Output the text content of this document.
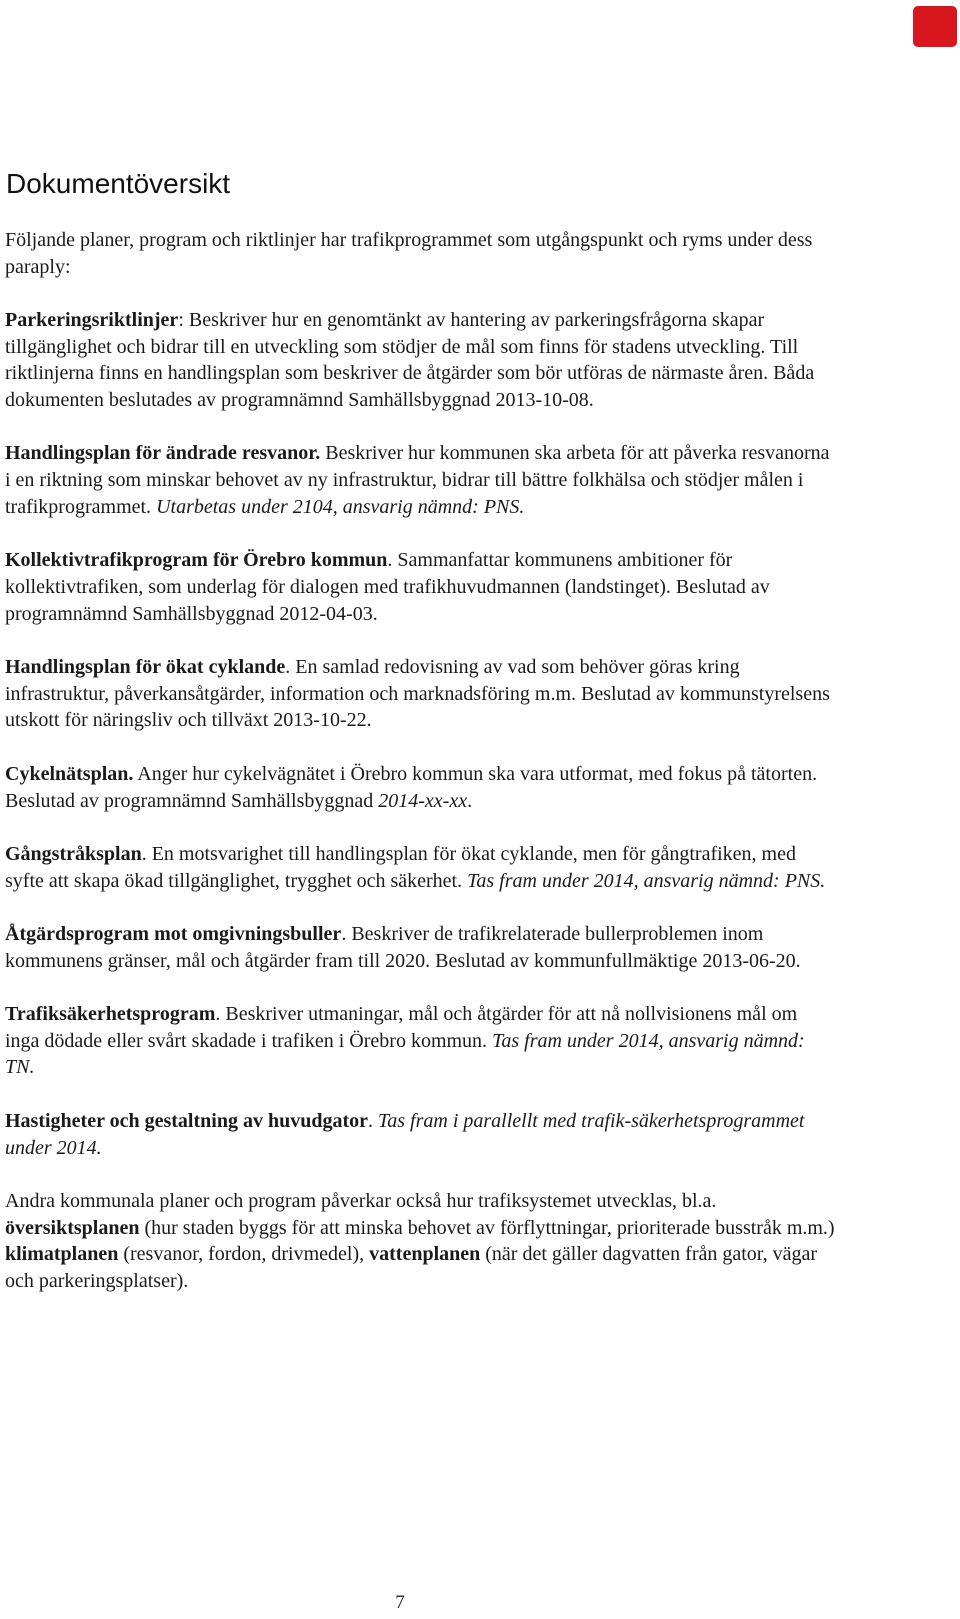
Dokumentöversikt

Följande planer, program och riktlinjer har trafikprogrammet som utgångspunkt och ryms under dess paraply:

Parkeringsriktlinjer: Beskriver hur en genomtänkt av hantering av parkeringsfrågorna skapar tillgänglighet och bidrar till en utveckling som stödjer de mål som finns för stadens utveckling. Till riktlinjerna finns en handlingsplan som beskriver de åtgärder som bör utföras de närmaste åren. Båda dokumenten beslutades av programnämnd Samhällsbyggnad 2013-10-08.

Handlingsplan för ändrade resvanor. Beskriver hur kommunen ska arbeta för att påverka resvanorna i en riktning som minskar behovet av ny infrastruktur, bidrar till bättre folkhälsa och stödjer målen i trafikprogrammet. Utarbetas under 2104, ansvarig nämnd: PNS.

Kollektivtrafikprogram för Örebro kommun. Sammanfattar kommunens ambitioner för kollektivtrafiken, som underlag för dialogen med trafikhuvudmannen (landstinget). Beslutad av programnämnd Samhällsbyggnad 2012-04-03.

Handlingsplan för ökat cyklande. En samlad redovisning av vad som behöver göras kring infrastruktur, påverkansåtgärder, information och marknadsföring m.m. Beslutad av kommunstyrelsens utskott för näringsliv och tillväxt 2013-10-22.

Cykelnätsplan. Anger hur cykelvägnätet i Örebro kommun ska vara utformat, med fokus på tätorten. Beslutad av programnämnd Samhällsbyggnad 2014-xx-xx.

Gångstråksplan. En motsvarighet till handlingsplan för ökat cyklande, men för gångtrafiken, med syfte att skapa ökad tillgänglighet, trygghet och säkerhet. Tas fram under 2014, ansvarig nämnd: PNS.

Åtgärdsprogram mot omgivningsbuller. Beskriver de trafikrelaterade bullerproblemen inom kommunens gränser, mål och åtgärder fram till 2020. Beslutad av kommunfullmäktige 2013-06-20.

Trafiksäkerhetsprogram. Beskriver utmaningar, mål och åtgärder för att nå nollvisionens mål om inga dödade eller svårt skadade i trafiken i Örebro kommun. Tas fram under 2014, ansvarig nämnd: TN.

Hastigheter och gestaltning av huvudgator. Tas fram i parallellt med trafik-säkerhetsprogrammet under 2014.

Andra kommunala planer och program påverkar också hur trafiksystemet utvecklas, bl.a. översiktsplanen (hur staden byggs för att minska behovet av förflyttningar, prioriterade busstråk m.m.) klimatplanen (resvanor, fordon, drivmedel), vattenplanen (när det gäller dagvatten från gator, vägar och parkeringsplatser).

7
